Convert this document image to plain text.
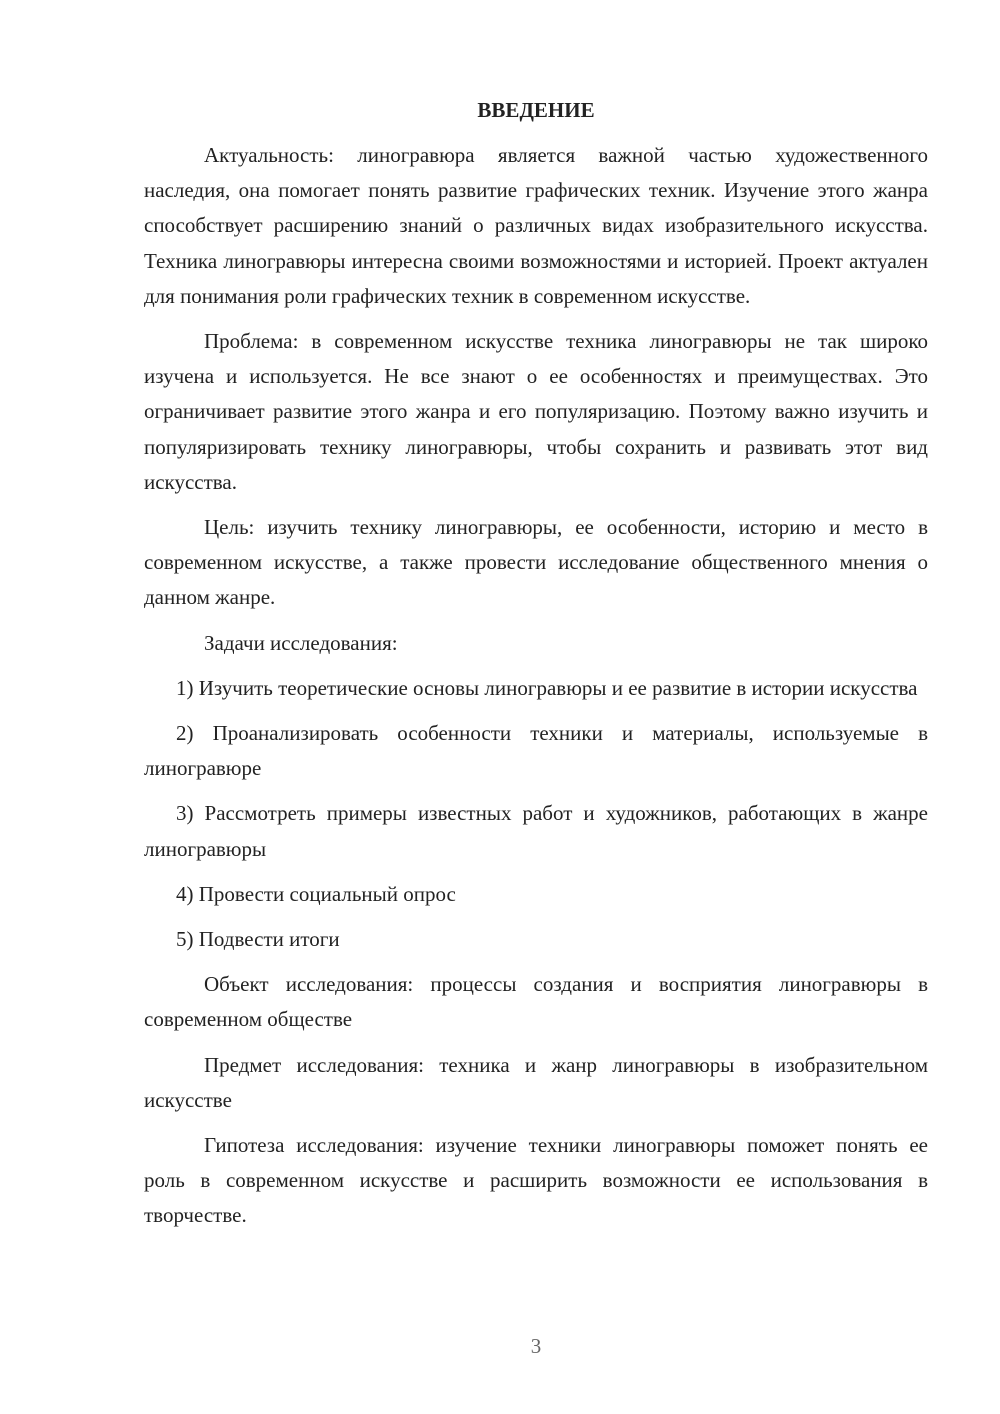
ВВЕДЕНИЕ

Актуальность: линогравюра является важной частью художественного наследия, она помогает понять развитие графических техник. Изучение этого жанра способствует расширению знаний о различных видах изобразительного искусства. Техника линогравюры интересна своими возможностями и историей. Проект актуален для понимания роли графических техник в современном искусстве.

Проблема: в современном искусстве техника линогравюры не так широко изучена и используется. Не все знают о ее особенностях и преимуществах. Это ограничивает развитие этого жанра и его популяризацию. Поэтому важно изучить и популяризировать технику линогравюры, чтобы сохранить и развивать этот вид искусства.

Цель: изучить технику линогравюры, ее особенности, историю и место в современном искусстве, а также провести исследование общественного мнения о данном жанре.

Задачи исследования:

1) Изучить теоретические основы линогравюры и ее развитие в истории искусства

2) Проанализировать особенности техники и материалы, используемые в линогравюре

3) Рассмотреть примеры известных работ и художников, работающих в жанре линогравюры

4) Провести социальный опрос

5) Подвести итоги

Объект исследования: процессы создания и восприятия линогравюры в современном обществе

Предмет исследования: техника и жанр линогравюры в изобразительном искусстве

Гипотеза исследования: изучение техники линогравюры поможет понять ее роль в современном искусстве и расширить возможности ее использования в творчестве.

3
